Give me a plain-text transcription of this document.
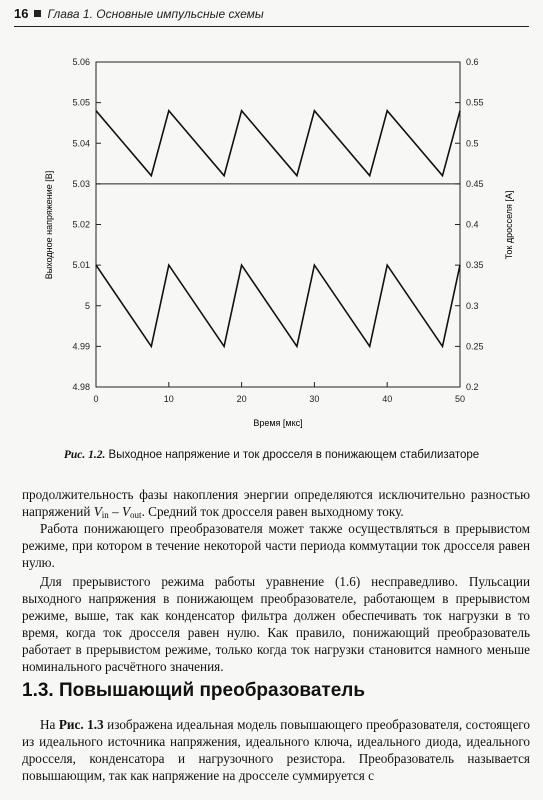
16 Глава 1. Основные импульсные схемы
5.06
5.05
5.04
5.03
5.02
5.01
5
4.99
4.98
0.6
0.55
0.5
0.45
0.4
0.35
0.3
0.25
0.2
0	10	20	30	40	50
Выходное напряжение [В]	Ток дросселя [А]
Время [мкс]
Рис. 1.2. Выходное напряжение и ток дросселя в понижающем стабилизаторе
продолжительность фазы накопления энергии определяются исключительно разностью напряжений $V_{in} - V_{out}$. Средний ток дросселя равен выходному току.
Работа понижающего преобразователя может также осуществляться в прерывистом режиме, при котором в течение некоторой части периода коммутации ток дросселя равен нулю.
Для прерывистого режима работы уравнение (1.6) несправедливо. Пульсации выходного напряжения в понижающем преобразователе, работающем в прерывистом режиме, выше, так как конденсатор фильтра должен обеспечивать ток нагрузки в то время, когда ток дросселя равен нулю. Как правило, понижающий преобразователь работает в прерывистом режиме, только когда ток нагрузки становится намного меньше номинального расчётного значения.
1.3. Повышающий преобразователь
На Рис. 1.3 изображена идеальная модель повышающего преобразователя, состоящего из идеального источника напряжения, идеального ключа, идеального диода, идеального дросселя, конденсатора и нагрузочного резистора. Преобразователь называется повышающим, так как напряжение на дросселе суммируется с
